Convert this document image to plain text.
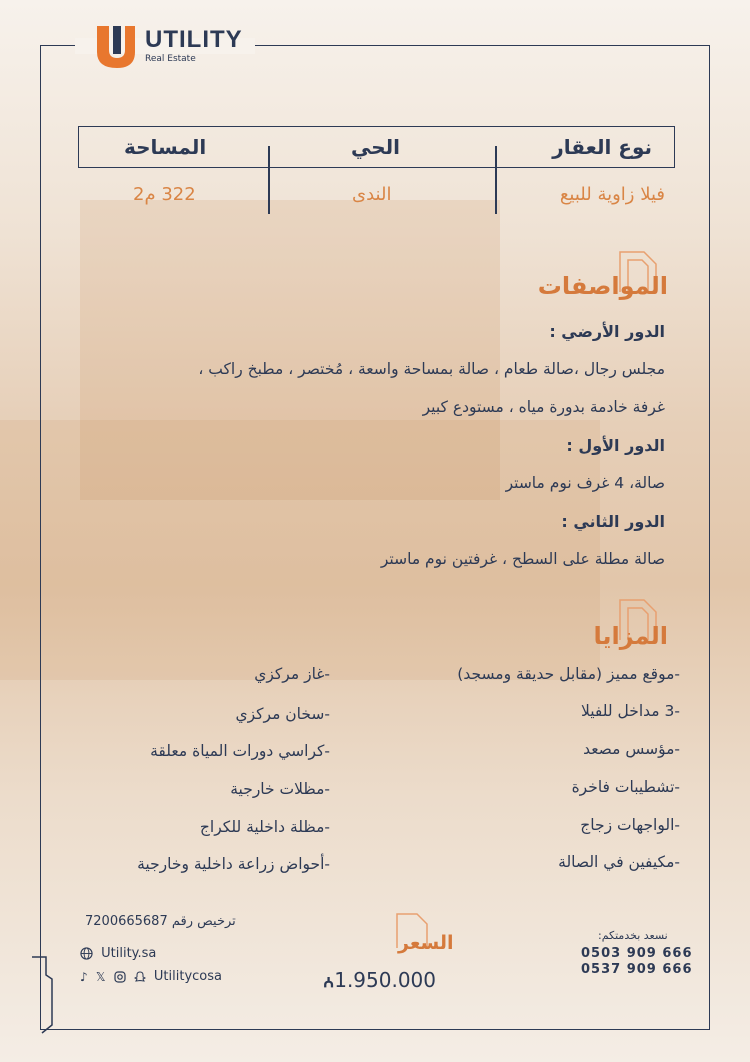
UTILITY
Real Estate
نوع العقار
الحي
المساحة
فيلا زاوية للبيع
الندى
322 م2
المواصفات
الدور الأرضي :
مجلس رجال ،صالة طعام ، صالة بمساحة واسعة ، مُختصر ، مطبخ راكب ،
غرفة خادمة بدورة مياه ، مستودع كبير
الدور الأول :
صالة، 4 غرف نوم ماستر
الدور الثاني :
صالة مطلة على السطح ، غرفتين نوم ماستر
المزايا
-موقع مميز (مقابل حديقة ومسجد)
-3 مداخل للفيلا
-مؤسس مصعد
-تشطيبات فاخرة
-الواجهات زجاج
-مكيفين في الصالة
-غاز مركزي
-سخان مركزي
-كراسي دورات المياة معلقة
-مظلات خارجية
-مظلة داخلية للكراج
-أحواض زراعة داخلية وخارجية
ترخيص رقم 7200665687
Utility.sa
♪ 𝕏	Utilitycosa
السعر
ꭅ1.950.000
نسعد بخدمتكم:
0503 909 666
0537 909 666
